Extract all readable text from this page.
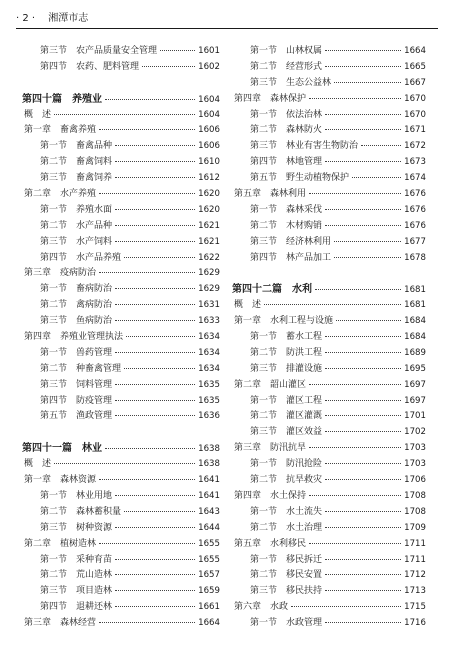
· 2 · 湘潭市志
第三节　农产品质量安全管理	1601
第四节　农药、肥料管理	1602
第四十篇　养殖业	1604
概　述	1604
第一章　畜禽养殖	1606
第一节　畜禽品种	1606
第二节　畜禽饲料	1610
第三节　畜禽饲养	1612
第二章　水产养殖	1620
第一节　养殖水面	1620
第二节　水产品种	1621
第三节　水产饲料	1621
第四节　水产品养殖	1622
第三章　疫病防治	1629
第一节　畜病防治	1629
第二节　禽病防治	1631
第三节　鱼病防治	1633
第四章　养殖业管理执法	1634
第一节　兽药管理	1634
第二节　种畜禽管理	1634
第三节　饲料管理	1635
第四节　防疫管理	1635
第五节　渔政管理	1636
第四十一篇　林业	1638
概　述	1638
第一章　森林资源	1641
第一节　林业用地	1641
第二节　森林蓄积量	1643
第三节　树种资源	1644
第二章　植树造林	1655
第一节　采种育苗	1655
第二节　荒山造林	1657
第三节　项目造林	1659
第四节　退耕还林	1661
第三章　森林经营	1664
第一节　山林权属	1664
第二节　经营形式	1665
第三节　生态公益林	1667
第四章　森林保护	1670
第一节　依法治林	1670
第二节　森林防火	1671
第三节　林业有害生物防治	1672
第四节　林地管理	1673
第五节　野生动植物保护	1674
第五章　森林利用	1676
第一节　森林采伐	1676
第二节　木材购销	1676
第三节　经济林利用	1677
第四节　林产品加工	1678
第四十二篇　水利	1681
概　述	1681
第一章　水利工程与设施	1684
第一节　蓄水工程	1684
第二节　防洪工程	1689
第三节　排灌设施	1695
第二章　韶山灌区	1697
第一节　灌区工程	1697
第二节　灌区灌溉	1701
第三节　灌区效益	1702
第三章　防汛抗旱	1703
第一节　防汛抢险	1703
第二节　抗旱救灾	1706
第四章　水土保持	1708
第一节　水土流失	1708
第二节　水土治理	1709
第五章　水利移民	1711
第一节　移民拆迁	1711
第二节　移民安置	1712
第三节　移民扶持	1713
第六章　水政	1715
第一节　水政管理	1716
